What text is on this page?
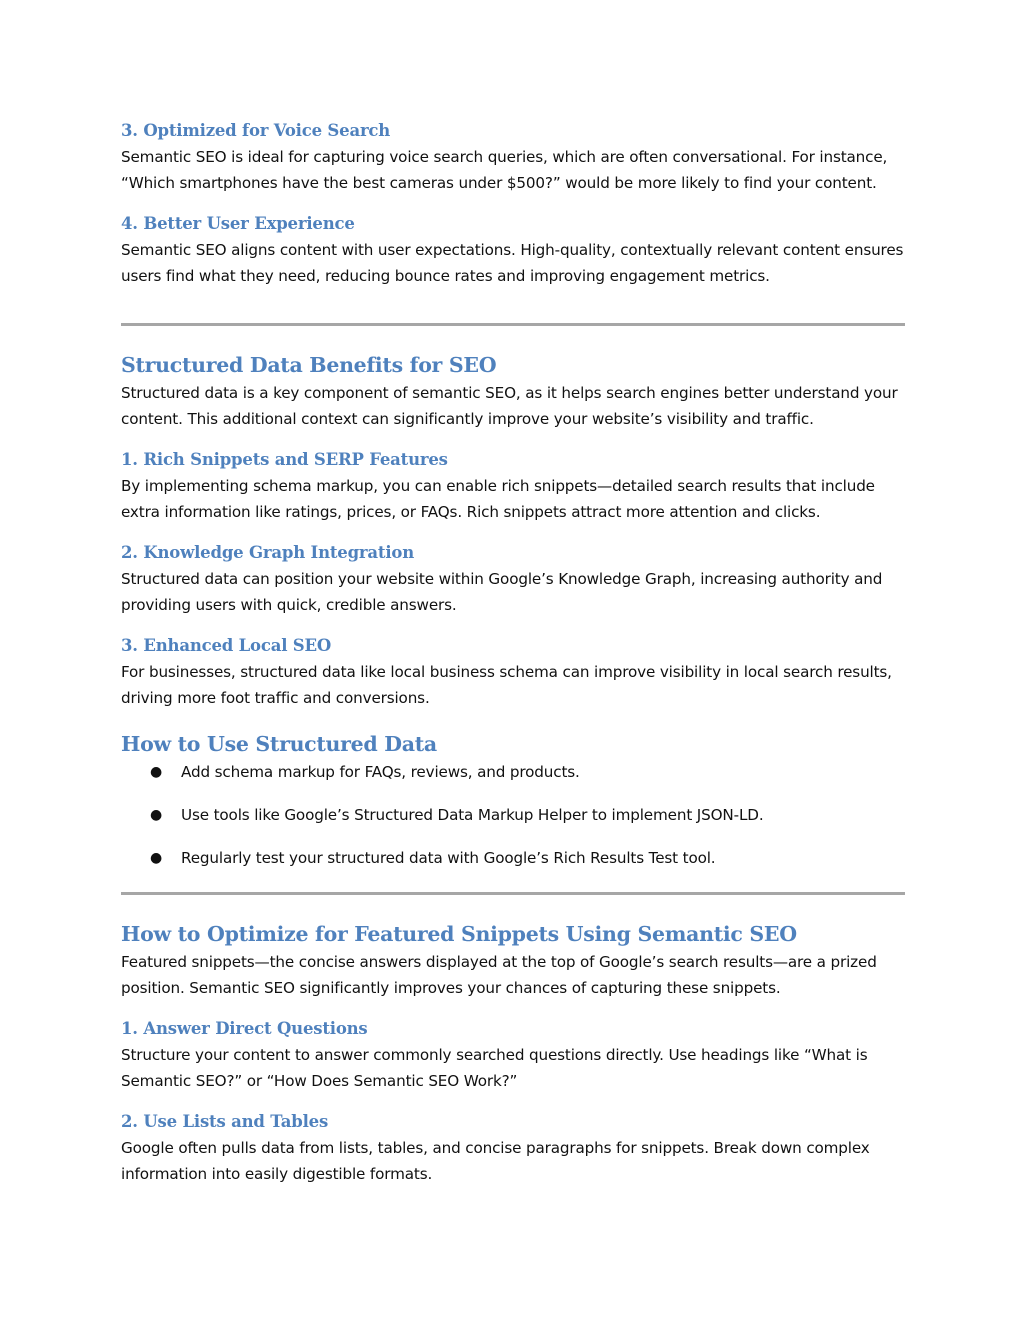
3. Optimized for Voice Search

Semantic SEO is ideal for capturing voice search queries, which are often conversational. For instance, “Which smartphones have the best cameras under $500?” would be more likely to find your content.

4. Better User Experience

Semantic SEO aligns content with user expectations. High-quality, contextually relevant content ensures users find what they need, reducing bounce rates and improving engagement metrics.

Structured Data Benefits for SEO

Structured data is a key component of semantic SEO, as it helps search engines better understand your content. This additional context can significantly improve your website’s visibility and traffic.

1. Rich Snippets and SERP Features

By implementing schema markup, you can enable rich snippets—detailed search results that include extra information like ratings, prices, or FAQs. Rich snippets attract more attention and clicks.

2. Knowledge Graph Integration

Structured data can position your website within Google’s Knowledge Graph, increasing authority and providing users with quick, credible answers.

3. Enhanced Local SEO

For businesses, structured data like local business schema can improve visibility in local search results, driving more foot traffic and conversions.

How to Use Structured Data
● Add schema markup for FAQs, reviews, and products.
● Use tools like Google’s Structured Data Markup Helper to implement JSON-LD.
● Regularly test your structured data with Google’s Rich Results Test tool.
How to Optimize for Featured Snippets Using Semantic SEO

Featured snippets—the concise answers displayed at the top of Google’s search results—are a prized position. Semantic SEO significantly improves your chances of capturing these snippets.

1. Answer Direct Questions

Structure your content to answer commonly searched questions directly. Use headings like “What is Semantic SEO?” or “How Does Semantic SEO Work?”

2. Use Lists and Tables

Google often pulls data from lists, tables, and concise paragraphs for snippets. Break down complex information into easily digestible formats.
